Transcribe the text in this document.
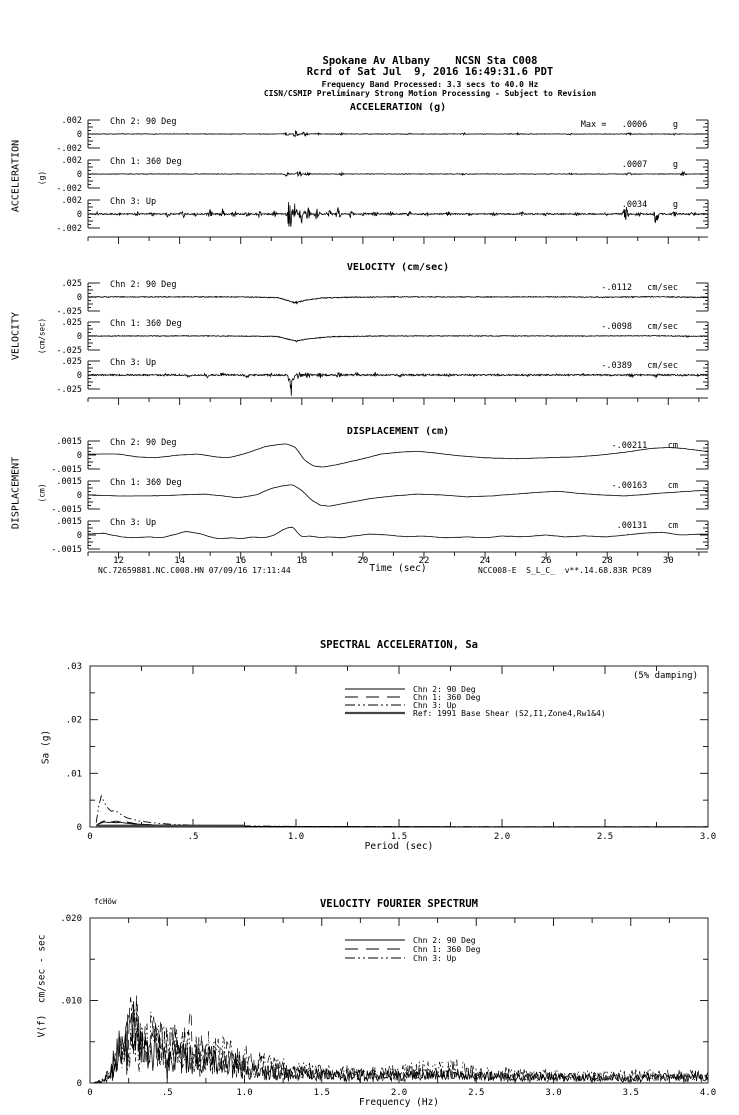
.002
0
-.002
Chn 2: 90 Deg	Max =   .0006     g
.002
0
-.002
Chn 1: 360 Deg	.0007     g
.002
0
-.002
Chn 3: Up	.0034     g
.025
0
-.025
Chn 2: 90 Deg	-.0112   cm/sec
.025
0
-.025
Chn 1: 360 Deg	-.0098   cm/sec
.025
0
-.025
Chn 3: Up	-.0389   cm/sec
.0015
0
-.0015
Chn 2: 90 Deg	-.00211    cm
.0015
0
-.0015
Chn 1: 360 Deg	-.00163    cm
.0015
0
-.0015
Chn 3: Up	.00131    cm
12	14	16	18	20	22	24	26	28	30
.03
.02
.01
0
0	.5	1.0	1.5	2.0	2.5	3.0
Chn 2: 90 Deg
Chn 1: 360 Deg
Chn 3: Up
Ref: 1991 Base Shear (S2,I1,Zone4,Rw1&4)
.020
.010
0
0	.5	1.0	1.5	2.0	2.5	3.0	3.5	4.0
Chn 2: 90 Deg
Chn 1: 360 Deg
Chn 3: Up
Spokane Av Albany    NCSN Sta C008
Rcrd of Sat Jul  9, 2016 16:49:31.6 PDT
Frequency Band Processed: 3.3 secs to 40.0 Hz
CISN/CSMIP Preliminary Strong Motion Processing - Subject to Revision
ACCELERATION (g)
VELOCITY (cm/sec)
DISPLACEMENT (cm)
ACCELERATION (g)
VELOCITY (cm/sec)
DISPLACEMENT (cm)
Sa (g)
V(f)  cm/sec - sec
Time (sec)
NC.72659881.NC.C008.HN 07/09/16 17:11:44	NCC008-E  S_L_C_  v**.14.68.83R PC89
SPECTRAL ACCELERATION, Sa
(5% damping)
Period (sec)
VELOCITY FOURIER SPECTRUM
fcHöw
Frequency (Hz)
